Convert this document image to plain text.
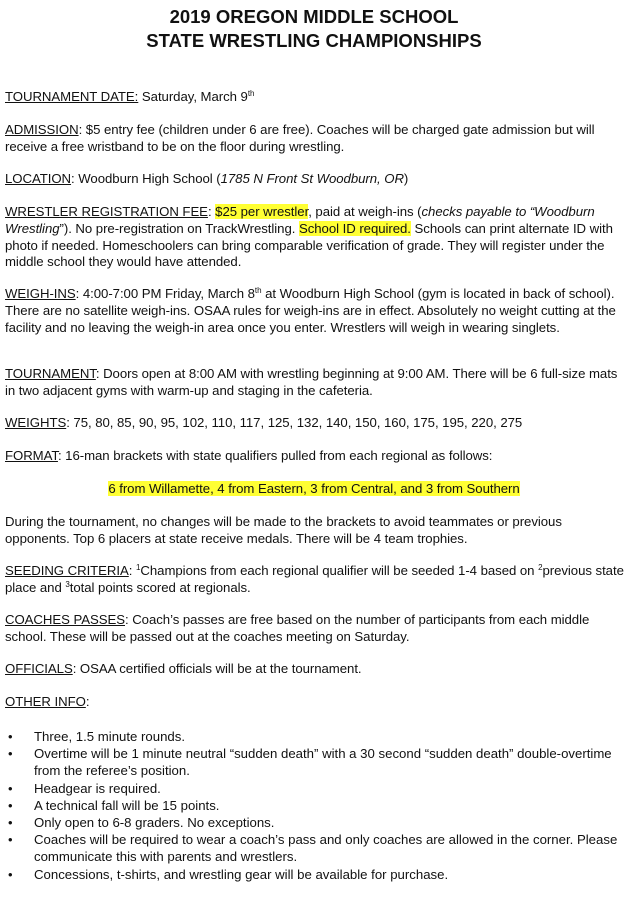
2019 OREGON MIDDLE SCHOOL
STATE WRESTLING CHAMPIONSHIPS
TOURNAMENT DATE: Saturday, March 9th
ADMISSION: $5 entry fee (children under 6 are free). Coaches will be charged gate admission but will receive a free wristband to be on the floor during wrestling.
LOCATION: Woodburn High School (1785 N Front St Woodburn, OR)
WRESTLER REGISTRATION FEE: $25 per wrestler, paid at weigh-ins (checks payable to “Woodburn Wrestling”). No pre-registration on TrackWrestling. School ID required. Schools can print alternate ID with photo if needed. Homeschoolers can bring comparable verification of grade. They will register under the middle school they would have attended.
WEIGH-INS: 4:00-7:00 PM Friday, March 8th at Woodburn High School (gym is located in back of school). There are no satellite weigh-ins. OSAA rules for weigh-ins are in effect. Absolutely no weight cutting at the facility and no leaving the weigh-in area once you enter. Wrestlers will weigh in wearing singlets.
TOURNAMENT: Doors open at 8:00 AM with wrestling beginning at 9:00 AM. There will be 6 full-size mats in two adjacent gyms with warm-up and staging in the cafeteria.
WEIGHTS: 75, 80, 85, 90, 95, 102, 110, 117, 125, 132, 140, 150, 160, 175, 195, 220, 275
FORMAT: 16-man brackets with state qualifiers pulled from each regional as follows:
6 from Willamette, 4 from Eastern, 3 from Central, and 3 from Southern
During the tournament, no changes will be made to the brackets to avoid teammates or previous opponents. Top 6 placers at state receive medals. There will be 4 team trophies.
SEEDING CRITERIA: $^1$Champions from each regional qualifier will be seeded 1-4 based on $^2$previous state place and $^3$total points scored at regionals.
COACHES PASSES: Coach’s passes are free based on the number of participants from each middle school. These will be passed out at the coaches meeting on Saturday.
OFFICIALS: OSAA certified officials will be at the tournament.
OTHER INFO:
• Three, 1.5 minute rounds.
• Overtime will be 1 minute neutral “sudden death” with a 30 second “sudden death” double-overtime from the referee’s position.
• Headgear is required.
• A technical fall will be 15 points.
• Only open to 6-8 graders. No exceptions.
• Coaches will be required to wear a coach’s pass and only coaches are allowed in the corner. Please communicate this with parents and wrestlers.
• Concessions, t-shirts, and wrestling gear will be available for purchase.
